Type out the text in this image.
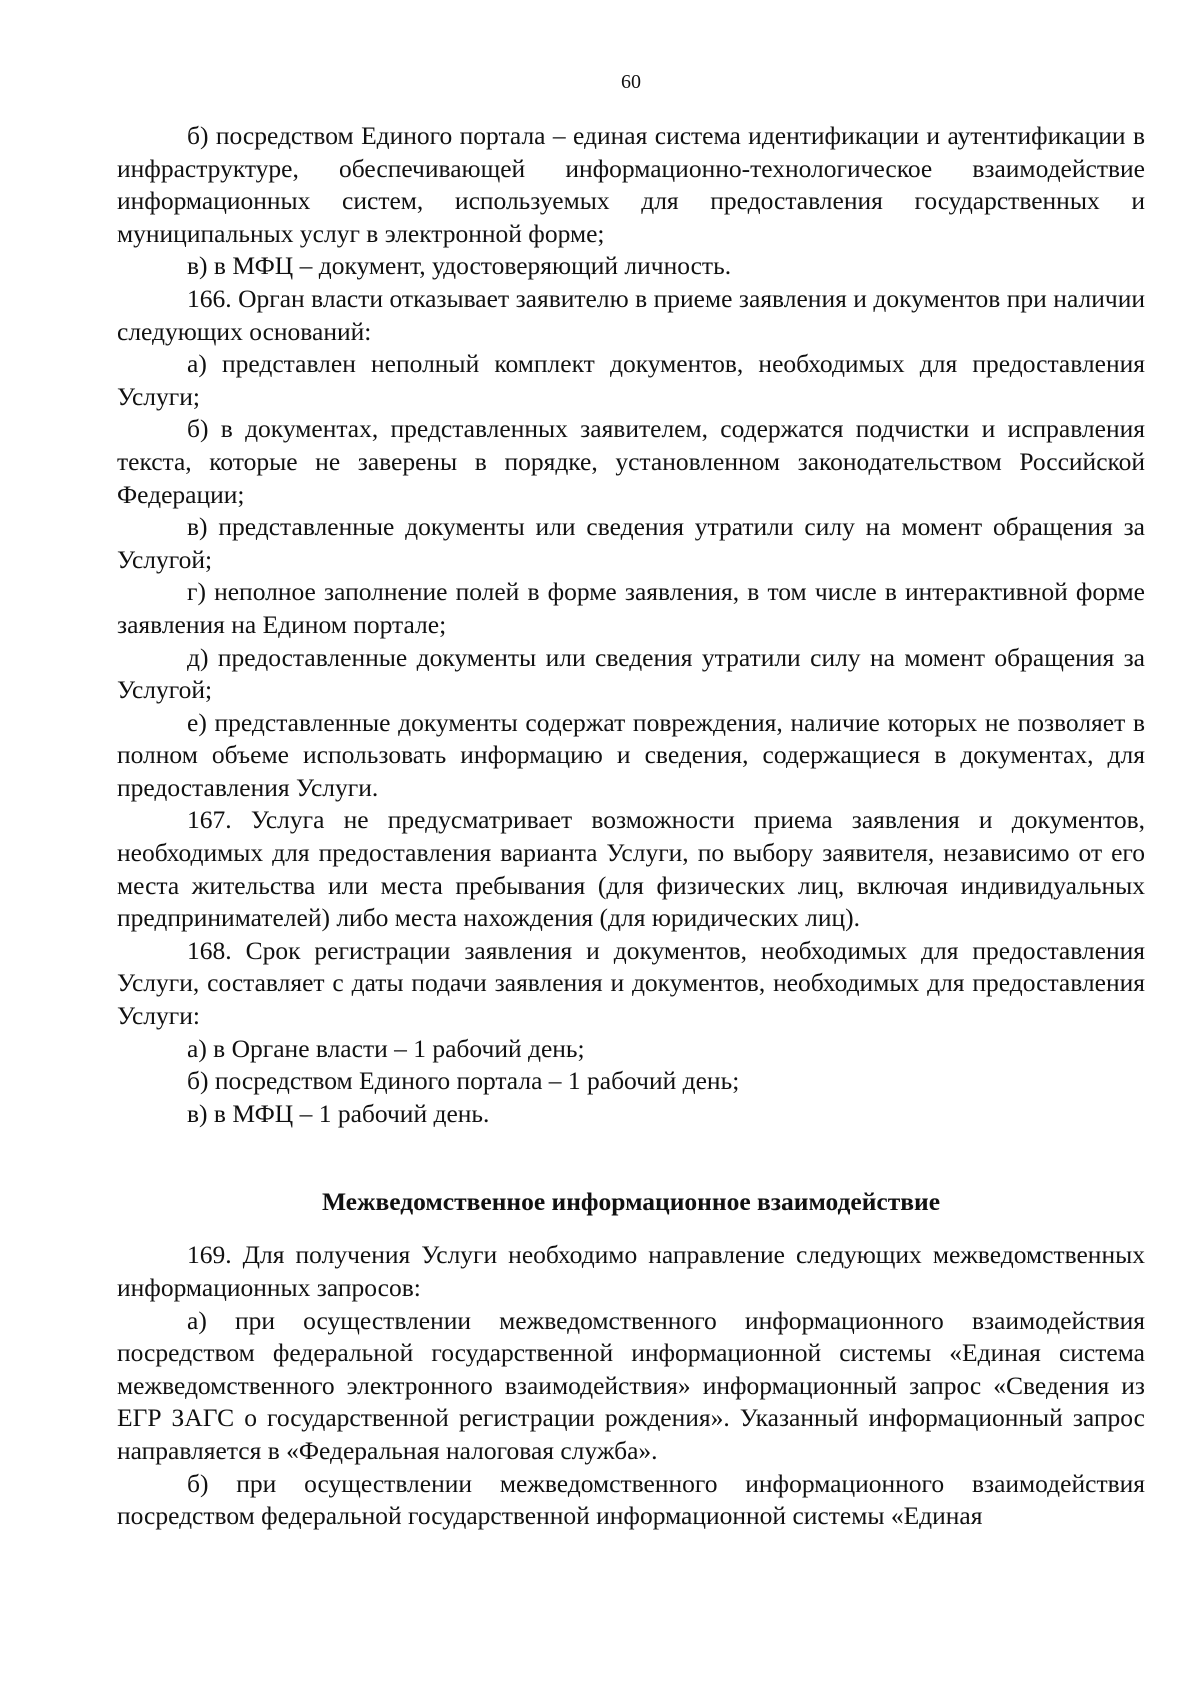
60

б) посредством Единого портала – единая система идентификации и аутентификации в инфраструктуре, обеспечивающей информационно-технологическое взаимодействие информационных систем, используемых для предоставления государственных и муниципальных услуг в электронной форме;

в) в МФЦ – документ, удостоверяющий личность.

166. Орган власти отказывает заявителю в приеме заявления и документов при наличии следующих оснований:

а) представлен неполный комплект документов, необходимых для предоставления Услуги;

б) в документах, представленных заявителем, содержатся подчистки и исправления текста, которые не заверены в порядке, установленном законодательством Российской Федерации;

в) представленные документы или сведения утратили силу на момент обращения за Услугой;

г) неполное заполнение полей в форме заявления, в том числе в интерактивной форме заявления на Едином портале;

д) предоставленные документы или сведения утратили силу на момент обращения за Услугой;

е) представленные документы содержат повреждения, наличие которых не позволяет в полном объеме использовать информацию и сведения, содержащиеся в документах, для предоставления Услуги.

167. Услуга не предусматривает возможности приема заявления и документов, необходимых для предоставления варианта Услуги, по выбору заявителя, независимо от его места жительства или места пребывания (для физических лиц, включая индивидуальных предпринимателей) либо места нахождения (для юридических лиц).

168. Срок регистрации заявления и документов, необходимых для предоставления Услуги, составляет с даты подачи заявления и документов, необходимых для предоставления Услуги:

а) в Органе власти – 1 рабочий день;

б) посредством Единого портала – 1 рабочий день;

в) в МФЦ – 1 рабочий день.

Межведомственное информационное взаимодействие

169. Для получения Услуги необходимо направление следующих межведомственных информационных запросов:

а) при осуществлении межведомственного информационного взаимодействия посредством федеральной государственной информационной системы «Единая система межведомственного электронного взаимодействия» информационный запрос «Сведения из ЕГР ЗАГС о государственной регистрации рождения». Указанный информационный запрос направляется в «Федеральная налоговая служба».

б) при осуществлении межведомственного информационного взаимодействия посредством федеральной государственной информационной системы «Единая
